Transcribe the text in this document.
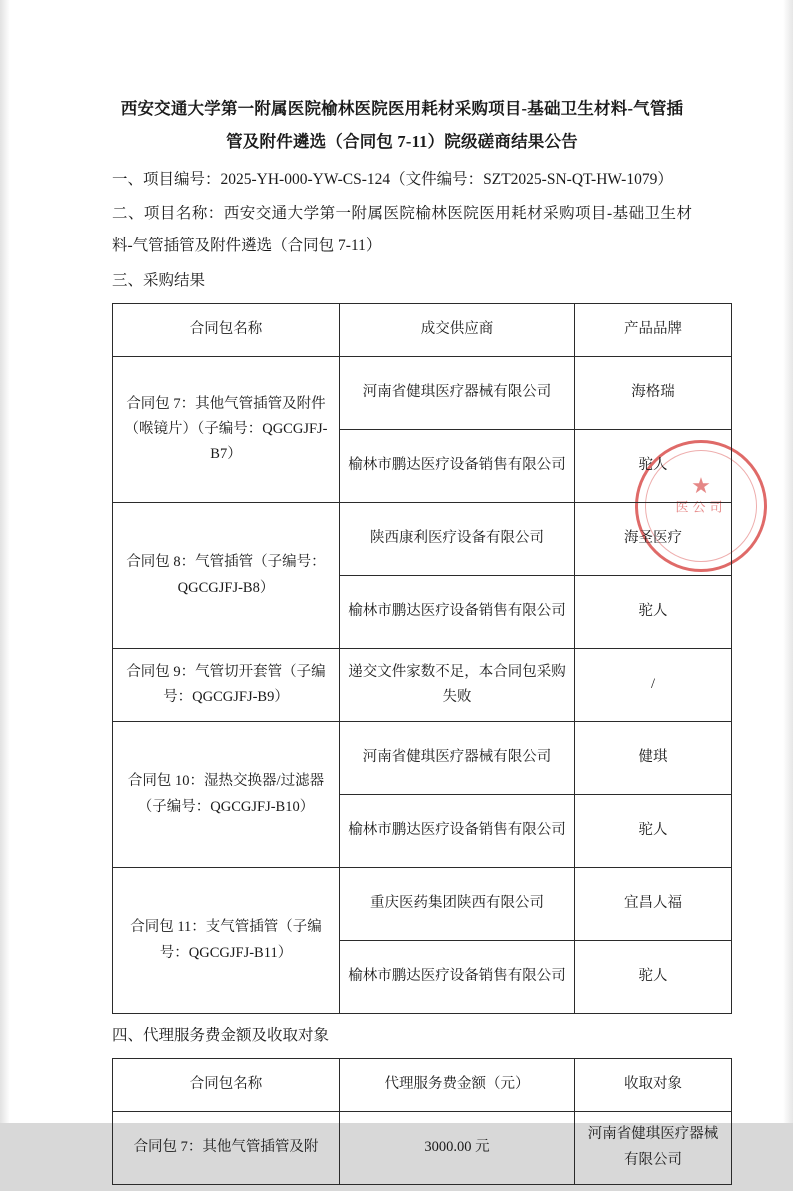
★
医公司
西安交通大学第一附属医院榆林医院医用耗材采购项目-基础卫生材料-气管插
管及附件遴选（合同包 7-11）院级磋商结果公告

一、项目编号：2025-YH-000-YW-CS-124（文件编号：SZT2025-SN-QT-HW-1079）

二、项目名称：西安交通大学第一附属医院榆林医院医用耗材采购项目-基础卫生材料-气管插管及附件遴选（合同包 7-11）

三、采购结果

合同包名称	成交供应商	产品品牌
合同包 7：其他气管插管及附件（喉镜片）（子编号：QGCGJFJ-B7）	河南省健琪医疗器械有限公司	海格瑞
	榆林市鹏达医疗设备销售有限公司	驼人
合同包 8：气管插管（子编号：QGCGJFJ-B8）	陕西康利医疗设备有限公司	海圣医疗
	榆林市鹏达医疗设备销售有限公司	驼人
合同包 9：气管切开套管（子编号：QGCGJFJ-B9）	递交文件家数不足，本合同包采购失败	/
合同包 10：湿热交换器/过滤器（子编号：QGCGJFJ-B10）	河南省健琪医疗器械有限公司	健琪
	榆林市鹏达医疗设备销售有限公司	驼人
合同包 11：支气管插管（子编号：QGCGJFJ-B11）	重庆医药集团陕西有限公司	宜昌人福
	榆林市鹏达医疗设备销售有限公司	驼人

四、代理服务费金额及收取对象

合同包名称	代理服务费金额（元）	收取对象
合同包 7：其他气管插管及附	3000.00 元	河南省健琪医疗器械有限公司
